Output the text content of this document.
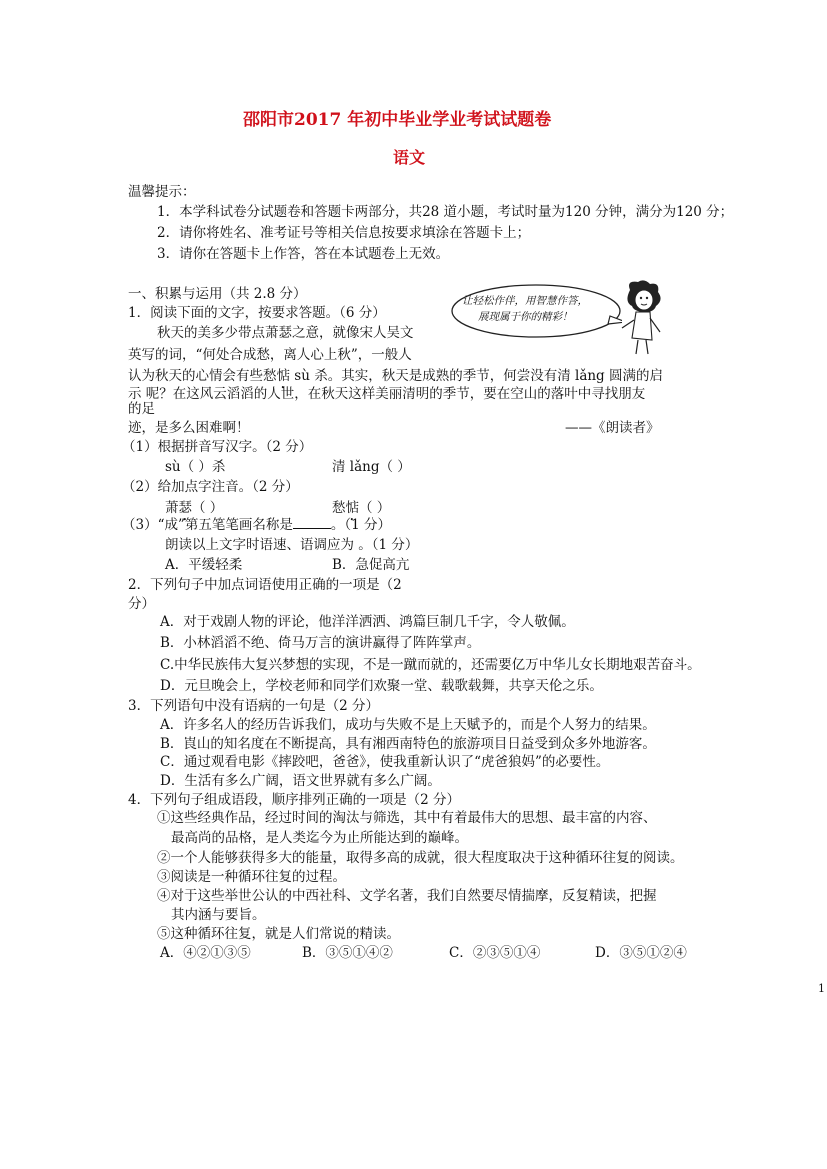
邵阳市2017 年初中毕业学业考试试题卷
语文
温馨提示：
1．本学科试卷分试题卷和答题卡两部分，共28 道小题，考试时量为120 分钟，满分为120 分；
2．请你将姓名、准考证号等相关信息按要求填涂在答题卡上；
3．请你在答题卡上作答，答在本试题卷上无效。
一、积累与运用（共 2.8 分）	让轻松作伴，用智慧作答，
展现属于你的精彩！
1．阅读下面的文字，按要求答题。（6 分）
秋天的美多少带点萧瑟之意，就像宋人吴文
英写的词，“何处合成愁，离人心上秋”，一般人
认为秋天的心情会有些愁惦 sù 杀。其实，秋天是成熟的季节，何尝没有清 lǎng 圆满的启
示 呢？在这风云滔滔的人世，在秋天这样美丽清明的季节，要在空山的落叶中寻找朋友
的足
迹，是多么困难啊！	——《朗读者》
（1）根据拼音写汉字。（2 分）
sù（ ）杀	清 lǎng（ ）
（2）给加点字注音。（2 分）
萧瑟（ ）	愁惦（ ）
（3）“成”第五笔笔画名称是	。（1 分）
朗读以上文字时语速、语调应为 。（1 分）
A．平缓轻柔	B．急促高亢
2．下列句子中加点词语使用正确的一项是（2
分）
A．对于戏剧人物的评论，他洋洋洒洒、鸿篇巨制几千字，令人敬佩。
B．小林滔滔不绝、倚马万言的演讲赢得了阵阵掌声。
C.中华民族伟大复兴梦想的实现，不是一蹴而就的，还需要亿万中华儿女长期地艰苦奋斗。
D．元旦晚会上，学校老师和同学们欢聚一堂、载歌载舞，共享天伦之乐。
3．下列语句中没有语病的一句是（2 分）
A．许多名人的经历告诉我们，成功与失败不是上天赋予的，而是个人努力的结果。
B．崀山的知名度在不断提高，具有湘西南特色的旅游项目日益受到众多外地游客。
C．通过观看电影《摔跤吧，爸爸》，使我重新认识了“虎爸狼妈”的必要性。
D．生活有多么广阔，语文世界就有多么广阔。
4．下列句子组成语段，顺序排列正确的一项是（2 分）
①这些经典作品，经过时间的淘汰与筛选，其中有着最伟大的思想、最丰富的内容、
最高尚的品格，是人类迄今为止所能达到的巅峰。
②一个人能够获得多大的能量，取得多高的成就，很大程度取决于这种循环往复的阅读。
③阅读是一种循环往复的过程。
④对于这些举世公认的中西社科、文学名著，我们自然要尽情揣摩，反复精读，把握
其内涵与要旨。
⑤这种循环往复，就是人们常说的精读。
A．④②①③⑤	B．③⑤①④②	C．②③⑤①④	D．③⑤①②④
1
